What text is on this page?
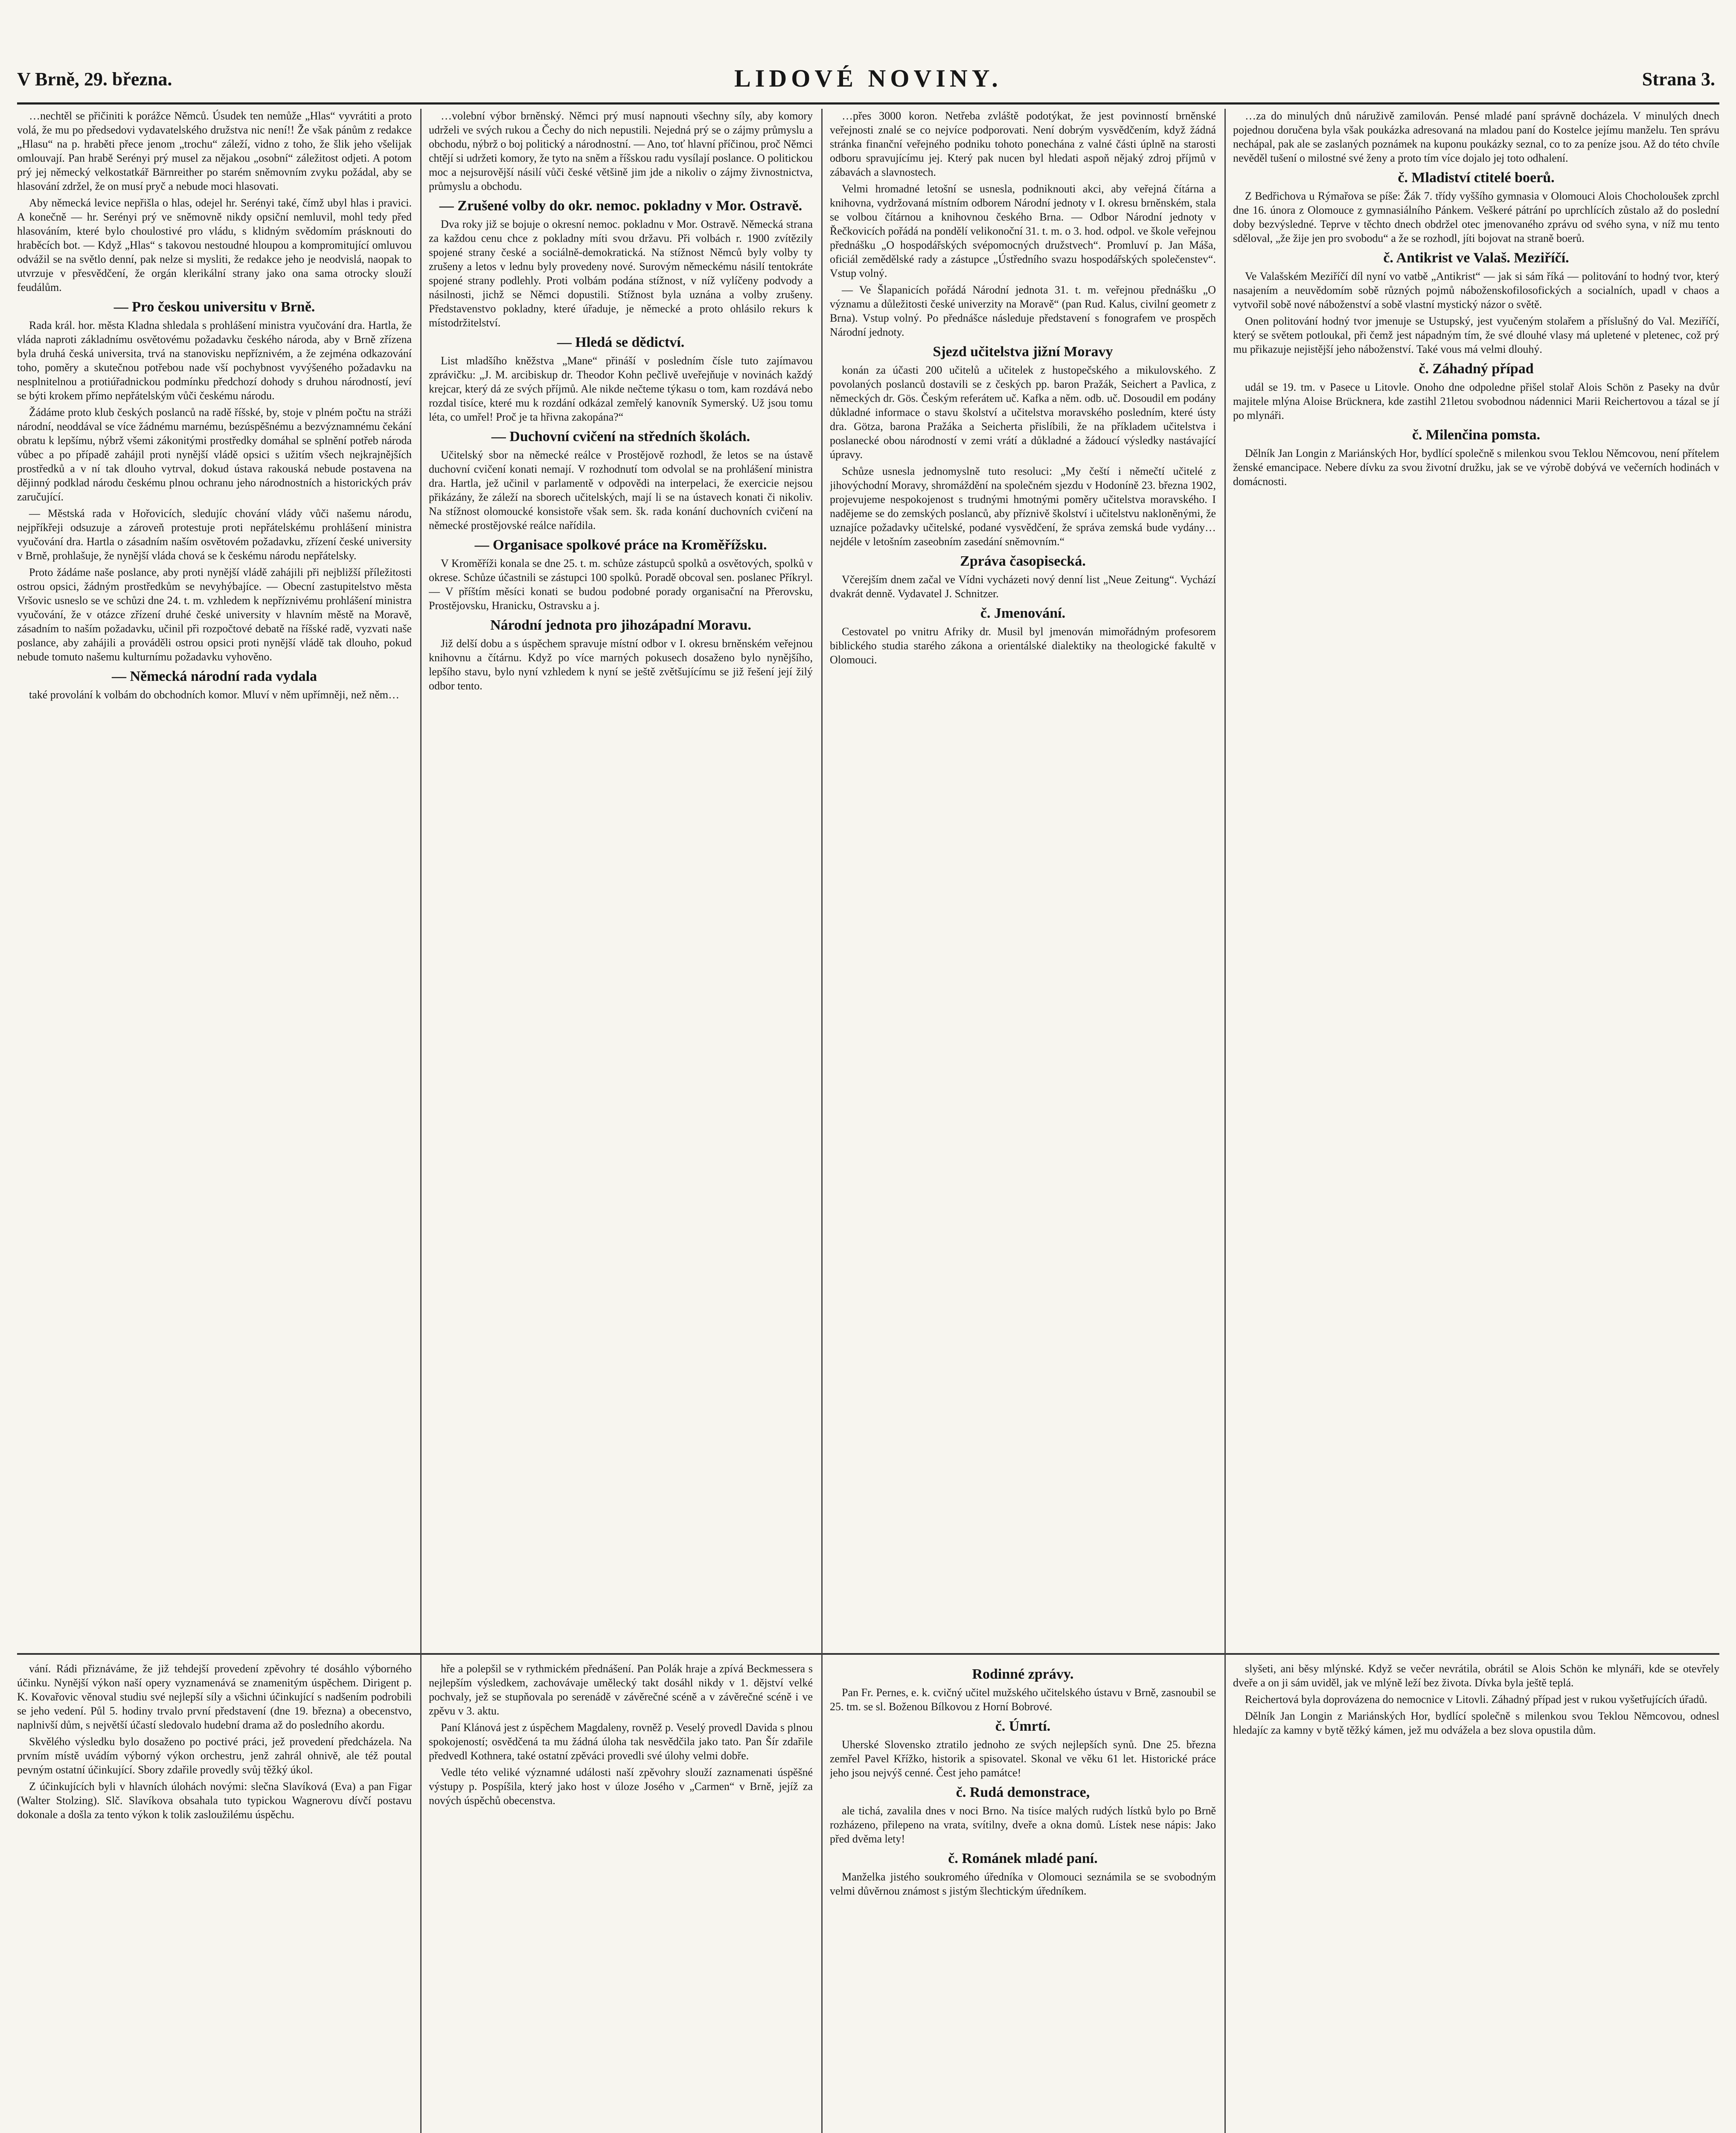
V Brně, 29. března.	LIDOVÉ NOVINY.	Strana 3.

…nechtěl se přičiniti k porážce Němců. Úsudek ten nemůže „Hlas“ vyvrátiti a proto volá, že mu po předsedovi vydavatelského družstva nic není!! Že však pánům z redakce „Hlasu“ na p. hraběti přece jenom „trochu“ záleží, vidno z toho, že šlik jeho všelijak omlouvají. Pan hrabě Serényi prý musel za nějakou „osobní“ záležitost odjeti. A potom prý jej německý velkostatkář Bärnreither po starém sněmovním zvyku požádal, aby se hlasování zdržel, že on musí pryč a nebude moci hlasovati.

Aby německá levice nepřišla o hlas, odejel hr. Serényi také, čímž ubyl hlas i pravici. A konečně — hr. Serényi prý ve sněmovně nikdy opsiční nemluvil, mohl tedy před hlasováním, které bylo choulostivé pro vládu, s klidným svědomím prásknouti do hraběcích bot. — Když „Hlas“ s takovou nestoudné hloupou a kompromitující omluvou odvážil se na světlo denní, pak nelze si mysliti, že redakce jeho je neodvislá, naopak to utvrzuje v přesvědčení, že orgán klerikální strany jako ona sama otrocky slouží feudálům.

— Pro českou universitu v Brně.

Rada král. hor. města Kladna shledala s prohlášení ministra vyučování dra. Hartla, že vláda naproti základnímu osvětovému požadavku českého národa, aby v Brně zřízena byla druhá česká universita, trvá na stanovisku nepříznivém, a že zejména odkazování toho, poměry a skutečnou potřebou nade vší pochybnost vyvýšeného požadavku na nesplnitelnou a protiúřadnickou podmínku předchozí dohody s druhou národností, jeví se býti krokem přímo nepřátelským vůči českému národu.

Žádáme proto klub českých poslanců na radě říšské, by, stoje v plném počtu na stráži národní, neoddával se více žádnému marnému, bezúspěšnému a bezvýznamnému čekání obratu k lepšímu, nýbrž všemi zákonitými prostředky domáhal se splnění potřeb národa vůbec a po případě zahájil proti nynější vládě opsici s užitím všech nejkrajnějších prostředků a v ní tak dlouho vytrval, dokud ústava rakouská nebude postavena na dějinný podklad národu českému plnou ochranu jeho národnostních a historických práv zaručující.

— Městská rada v Hořovicích, sledujíc chování vlády vůči našemu národu, nejpříkřeji odsuzuje a zároveň protestuje proti nepřátelskému prohlášení ministra vyučování dra. Hartla o zásadním naším osvětovém požadavku, zřízení české university v Brně, prohlašuje, že nynější vláda chová se k českému národu nepřátelsky.

Proto žádáme naše poslance, aby proti nynější vládě zahájili při nejbližší příležitosti ostrou opsici, žádným prostředkům se nevyhýbajíce. — Obecní zastupitelstvo města Vršovic usneslo se ve schůzi dne 24. t. m. vzhledem k nepříznivému prohlášení ministra vyučování, že v otázce zřízení druhé české university v hlavním městě na Moravě, zásadním to naším požadavku, učinil při rozpočtové debatě na říšské radě, vyzvati naše poslance, aby zahájili a prováděli ostrou opsici proti nynější vládě tak dlouho, pokud nebude tomuto našemu kulturnímu požadavku vyhověno.

— Německá národní rada vydala

také provolání k volbám do obchodních komor. Mluví v něm upřímněji, než něm…

…volební výbor brněnský. Němci prý musí napnouti všechny síly, aby komory udrželi ve svých rukou a Čechy do nich nepustili. Nejedná prý se o zájmy průmyslu a obchodu, nýbrž o boj politický a národnostní. — Ano, toť hlavní příčinou, proč Němci chtějí si udržeti komory, že tyto na sněm a říšskou radu vysílají poslance. O politickou moc a nejsurovější násilí vůči české většině jim jde a nikoliv o zájmy živnostnictva, průmyslu a obchodu.

— Zrušené volby do okr. nemoc. pokladny v Mor. Ostravě.

Dva roky již se bojuje o okresní nemoc. pokladnu v Mor. Ostravě. Německá strana za každou cenu chce z pokladny míti svou državu. Při volbách r. 1900 zvítězily spojené strany české a sociálně-demokratická. Na stížnost Němců byly volby ty zrušeny a letos v lednu byly provedeny nové. Surovým německému násilí tentokráte spojené strany podlehly. Proti volbám podána stížnost, v níž vylíčeny podvody a násilnosti, jichž se Němci dopustili. Stížnost byla uznána a volby zrušeny. Představenstvo pokladny, které úřaduje, je německé a proto ohlásilo rekurs k místodržitelství.

— Hledá se dědictví.

List mladšího kněžstva „Mane“ přináší v posledním čísle tuto zajímavou zprávičku: „J. M. arcibiskup dr. Theodor Kohn pečlivě uveřejňuje v novinách každý krejcar, který dá ze svých příjmů. Ale nikde nečteme týkasu o tom, kam rozdává nebo rozdal tisíce, které mu k rozdání odkázal zemřelý kanovník Symerský. Už jsou tomu léta, co umřel! Proč je ta hřivna zakopána?“

— Duchovní cvičení na středních školách.

Učitelský sbor na německé reálce v Prostějově rozhodl, že letos se na ústavě duchovní cvičení konati nemají. V rozhodnutí tom odvolal se na prohlášení ministra dra. Hartla, jež učinil v parlamentě v odpovědi na interpelaci, že exercicie nejsou přikázány, že záleží na sborech učitelských, mají li se na ústavech konati či nikoliv. Na stížnost olomoucké konsistoře však sem. šk. rada konání duchovních cvičení na německé prostějovské reálce nařídila.

— Organisace spolkové práce na Kroměřížsku.

V Kroměříži konala se dne 25. t. m. schůze zástupců spolků a osvětových, spolků v okrese. Schůze účastnili se zástupci 100 spolků. Poradě obcoval sen. poslanec Příkryl. — V příštím měsíci konati se budou podobné porady organisační na Přerovsku, Prostějovsku, Hranicku, Ostravsku a j.

Národní jednota pro jihozápadní Moravu.

Již delší dobu a s úspěchem spravuje místní odbor v I. okresu brněnském veřejnou knihovnu a čítárnu. Když po více marných pokusech dosaženo bylo nynějšího, lepšího stavu, bylo nyní vzhledem k nyní se ještě zvětšujícímu se již řešení její žilý odbor tento.

…přes 3000 koron. Netřeba zvláště podotýkat, že jest povinností brněnské veřejnosti znalé se co nejvíce podporovati. Není dobrým vysvědčením, když žádná stránka finanční veřejného podniku tohoto ponechána z valné části úplně na starosti odboru spravujícímu jej. Který pak nucen byl hledati aspoň nějaký zdroj příjmů v zábavách a slavnostech.

Velmi hromadné letošní se usnesla, podniknouti akci, aby veřejná čítárna a knihovna, vydržovaná místním odborem Národní jednoty v I. okresu brněnském, stala se volbou čítárnou a knihovnou českého Brna. — Odbor Národní jednoty v Řečkovicích pořádá na pondělí velikonoční 31. t. m. o 3. hod. odpol. ve škole veřejnou přednášku „O hospodářských svépomocných družstvech“. Promluví p. Jan Máša, oficiál zemědělské rady a zástupce „Ústředního svazu hospodářských společenstev“. Vstup volný.

— Ve Šlapanicích pořádá Národní jednota 31. t. m. veřejnou přednášku „O významu a důležitosti české univerzity na Moravě“ (pan Rud. Kalus, civilní geometr z Brna). Vstup volný. Po přednášce následuje představení s fonografem ve prospěch Národní jednoty.

Sjezd učitelstva jižní Moravy

konán za účasti 200 učitelů a učitelek z hustopečského a mikulovského. Z povolaných poslanců dostavili se z českých pp. baron Pražák, Seichert a Pavlica, z německých dr. Gös. Českým referátem uč. Kafka a něm. odb. uč. Dosoudil em podány důkladné informace o stavu školství a učitelstva moravského posledním, které ústy dra. Götza, barona Pražáka a Seicherta přislíbili, že na příkladem učitelstva i poslanecké obou národností v zemi vrátí a důkladné a žádoucí výsledky nastávající úpravy.

Schůze usnesla jednomyslně tuto resoluci: „My čeští i němečtí učitelé z jihovýchodní Moravy, shromáždění na společném sjezdu v Hodoníně 23. března 1902, projevujeme nespokojenost s trudnými hmotnými poměry učitelstva moravského. I nadějeme se do zemských poslanců, aby příznivě školství i učitelstvu nakloněnými, že uznajíce požadavky učitelské, podané vysvědčení, že správa zemská bude vydány… nejdéle v letošním zaseobním zasedání sněmovním.“

Zpráva časopisecká.

Včerejším dnem začal ve Vídni vycházeti nový denní list „Neue Zeitung“. Vychází dvakrát denně. Vydavatel J. Schnitzer.

č. Jmenování.

Cestovatel po vnitru Afriky dr. Musil byl jmenován mimořádným profesorem biblického studia starého zákona a orientálské dialektiky na theologické fakultě v Olomouci.

…za do minulých dnů náruživě zamilován. Pensé mladé paní správně docházela. V minulých dnech pojednou doručena byla však poukázka adresovaná na mladou paní do Kostelce jejímu manželu. Ten správu nechápal, pak ale se zaslaných poznámek na kuponu poukázky seznal, co to za peníze jsou. Až do této chvíle nevěděl tušení o milostné své ženy a proto tím více dojalo jej toto odhalení.

č. Mladiství ctitelé boerů.

Z Bedřichova u Rýmařova se píše: Žák 7. třídy vyššího gymnasia v Olomouci Alois Chocholoušek zprchl dne 16. února z Olomouce z gymnasiálního Pánkem. Veškeré pátrání po uprchlících zůstalo až do poslední doby bezvýsledné. Teprve v těchto dnech obdržel otec jmenovaného zprávu od svého syna, v níž mu tento sděloval, „že žije jen pro svobodu“ a že se rozhodl, jíti bojovat na straně boerů.

č. Antikrist ve Valaš. Meziříčí.

Ve Valašském Meziříčí díl nyní vo vatbě „Antikrist“ — jak si sám říká — politování to hodný tvor, který nasajením a neuvědomím sobě různých pojmů náboženskofilosofických a socialních, upadl v chaos a vytvořil sobě nové náboženství a sobě vlastní mystický názor o světě.

Onen politování hodný tvor jmenuje se Ustupský, jest vyučeným stolařem a příslušný do Val. Meziříčí, který se světem potloukal, při čemž jest nápadným tím, že své dlouhé vlasy má upletené v pletenec, což prý mu přikazuje nejistější jeho náboženství. Také vous má velmi dlouhý.

č. Záhadný případ

udál se 19. tm. v Pasece u Litovle. Onoho dne odpoledne přišel stolař Alois Schön z Paseky na dvůr majitele mlýna Aloise Brücknera, kde zastihl 21letou svobodnou nádennici Marii Reichertovou a tázal se jí po mlynáři.

č. Milenčina pomsta.

Dělník Jan Longin z Mariánských Hor, bydlící společně s milenkou svou Teklou Němcovou, není přítelem ženské emancipace. Nebere dívku za svou životní družku, jak se ve výrobě dobývá ve večerních hodinách v domácnosti.

vání. Rádi přiznáváme, že již tehdejší provedení zpěvohry té dosáhlo výborného účinku. Nynější výkon naší opery vyznamenává se znamenitým úspěchem. Dirigent p. K. Kovařovic věnoval studiu své nejlepší síly a všichni účinkující s nadšením podrobili se jeho vedení. Půl 5. hodiny trvalo první představení (dne 19. března) a obecenstvo, naplnivší dům, s největší účastí sledovalo hudební drama až do posledního akordu.

Skvělého výsledku bylo dosaženo po poctivé práci, jež provedení předcházela. Na prvním místě uvádím výborný výkon orchestru, jenž zahrál ohnivě, ale též poutal pevným ostatní účinkující. Sbory zdařile provedly svůj těžký úkol.

Z účinkujících byli v hlavních úlohách novými: slečna Slavíková (Eva) a pan Figar (Walter Stolzing). Slč. Slavíkova obsahala tuto typickou Wagnerovu dívčí postavu dokonale a došla za tento výkon k tolik zasloužilému úspěchu.

hře a polepšil se v rythmickém přednášení. Pan Polák hraje a zpívá Beckmessera s nejlepším výsledkem, zachovávaje umělecký takt dosáhl nikdy v 1. dějství velké pochvaly, jež se stupňovala po serenádě v závěrečné scéně a v závěrečné scéně i ve zpěvu v 3. aktu.

Paní Klánová jest z úspěchem Magdaleny, rovněž p. Veselý provedl Davida s plnou spokojeností; osvědčená ta mu žádná úloha tak nesvědčila jako tato. Pan Šír zdařile předvedl Kothnera, také ostatní zpěváci provedli své úlohy velmi dobře.

Vedle této veliké významné události naší zpěvohry slouží zaznamenati úspěšné výstupy p. Pospíšila, který jako host v úloze Josého v „Carmen“ v Brně, jejíž za nových úspěchů obecenstva.

Rodinné zprávy.

Pan Fr. Pernes, e. k. cvičný učitel mužského učitelského ústavu v Brně, zasnoubil se 25. tm. se sl. Boženou Bílkovou z Horní Bobrové.

č. Úmrtí.

Uherské Slovensko ztratilo jednoho ze svých nejlepších synů. Dne 25. března zemřel Pavel Křížko, historik a spisovatel. Skonal ve věku 61 let. Historické práce jeho jsou nejvýš cenné. Čest jeho památce!

č. Rudá demonstrace,

ale tichá, zavalila dnes v noci Brno. Na tisíce malých rudých lístků bylo po Brně rozházeno, přilepeno na vrata, svítilny, dveře a okna domů. Lístek nese nápis: Jako před dvěma lety!

č. Románek mladé paní.

Manželka jistého soukromého úředníka v Olomouci seznámila se se svobodným velmi důvěrnou známost s jistým šlechtickým úředníkem.

slyšeti, ani běsy mlýnské. Když se večer nevrátila, obrátil se Alois Schön ke mlynáři, kde se otevřely dveře a on ji sám uviděl, jak ve mlýně leží bez života. Dívka byla ještě teplá.

Reichertová byla doprovázena do nemocnice v Litovli. Záhadný případ jest v rukou vyšetřujících úřadů.

Dělník Jan Longin z Mariánských Hor, bydlící společně s milenkou svou Teklou Němcovou, odnesl hledajíc za kamny v bytě těžký kámen, jež mu odvážela a bez slova opustila dům.
